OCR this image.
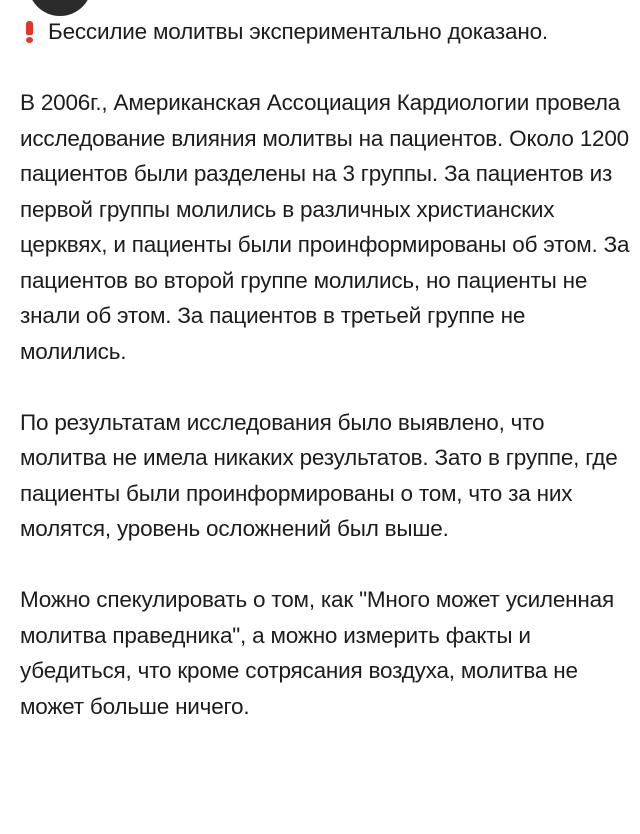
Бессилие молитвы экспериментально доказано.

В 2006г., Американская Ассоциация Кардиологии провела исследование влияния молитвы на пациентов. Около 1200 пациентов были разделены на 3 группы. За пациентов из первой группы молились в различных христианских церквях, и пациенты были проинформированы об этом. За пациентов во второй группе молились, но пациенты не знали об этом. За пациентов в третьей группе не молились.

По результатам исследования было выявлено, что молитва не имела никаких результатов. Зато в группе, где пациенты были проинформированы о том, что за них молятся, уровень осложнений был выше.

Можно спекулировать о том, как "Много может усиленная молитва праведника", а можно измерить факты и убедиться, что кроме сотрясания воздуха, молитва не может больше ничего.
